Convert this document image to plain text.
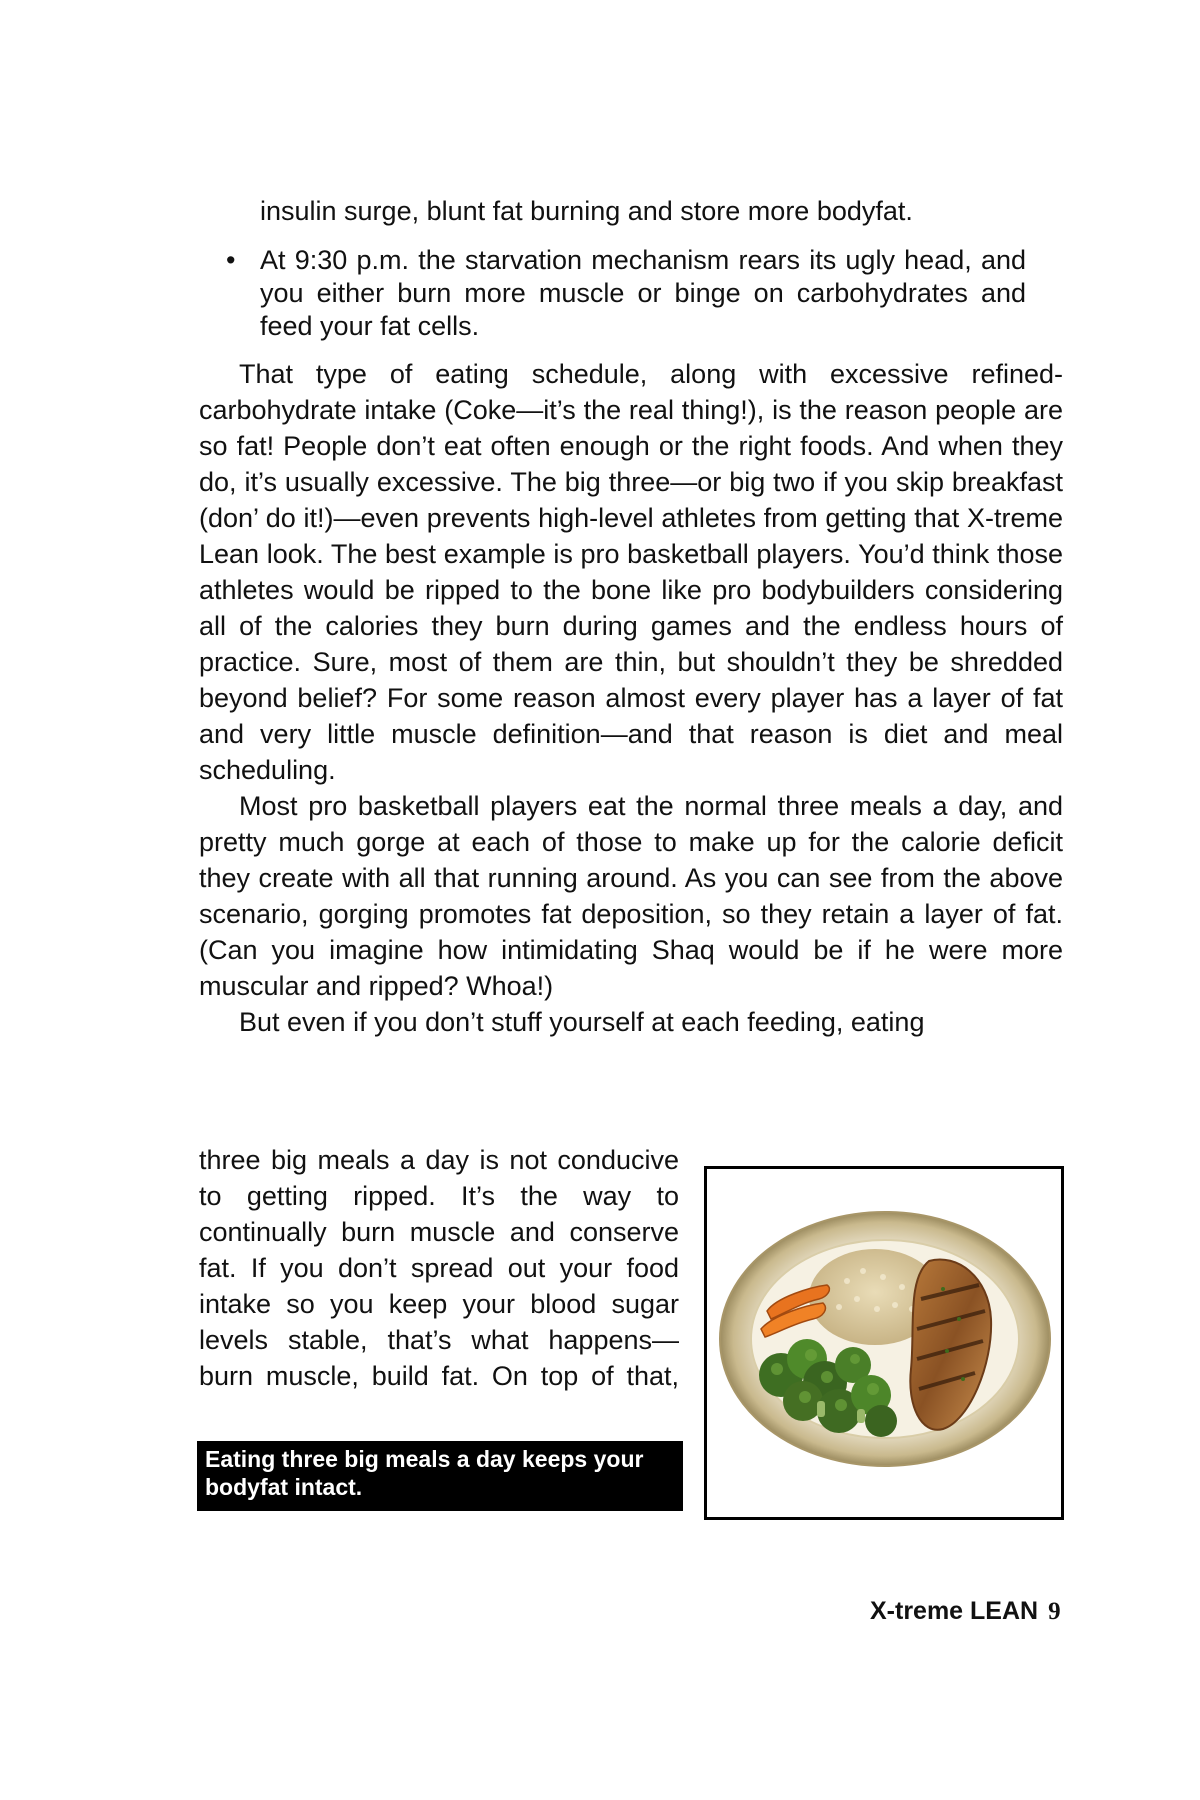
insulin surge, blunt fat burning and store more bodyfat.
• At 9:30 p.m. the starvation mechanism rears its ugly head, and you either burn more muscle or binge on carbohydrates and feed your fat cells.

That type of eating schedule, along with excessive refined-carbohydrate intake (Coke—it’s the real thing!), is the reason people are so fat! People don’t eat often enough or the right foods. And when they do, it’s usually excessive. The big three—or big two if you skip breakfast (don’ do it!)—even prevents high-level athletes from getting that X-treme Lean look. The best example is pro basketball players. You’d think those athletes would be ripped to the bone like pro bodybuilders considering all of the calories they burn during games and the endless hours of practice. Sure, most of them are thin, but shouldn’t they be shredded beyond belief? For some reason almost every player has a layer of fat and very little muscle definition—and that reason is diet and meal scheduling.

Most pro basketball players eat the normal three meals a day, and pretty much gorge at each of those to make up for the calorie deficit they create with all that running around. As you can see from the above scenario, gorging promotes fat deposition, so they retain a layer of fat. (Can you imagine how intimidating Shaq would be if he were more muscular and ripped? Whoa!)

But even if you don’t stuff yourself at each feeding, eating

three big meals a day is not conducive to getting ripped. It’s the way to continually burn muscle and conserve fat. If you don’t spread out your food intake so you keep your blood sugar levels stable, that’s what happens—burn muscle, build fat. On top of that,
Eating three big meals a day keeps your bodyfat intact.
X-treme LEAN 9
